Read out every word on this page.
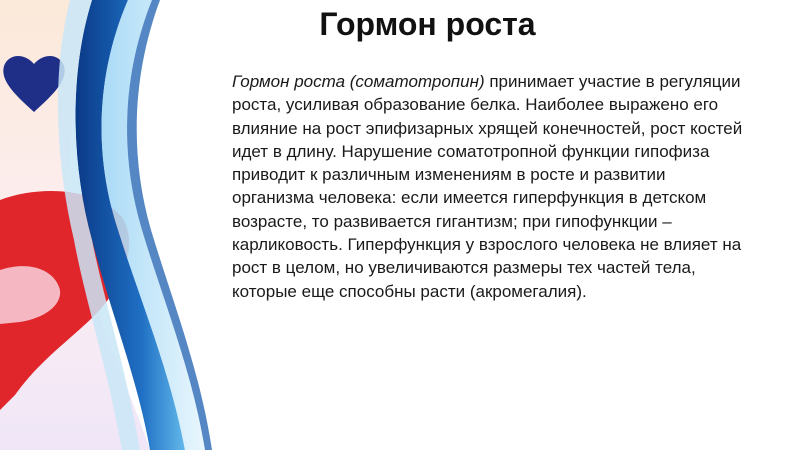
Гормон роста

Гормон роста (соматотропин) принимает участие в регуляции роста, усиливая образование белка. Наиболее выражено его влияние на рост эпифизарных хрящей конечностей, рост костей идет в длину. Нарушение соматотропной функции гипофиза приводит к различным изменениям в росте и развитии организма человека: если имеется гиперфункция в детском возрасте, то развивается гигантизм; при гипофункции – карликовость. Гиперфункция у взрослого человека не влияет на рост в целом, но увеличиваются размеры тех частей тела, которые еще способны расти (акромегалия).
